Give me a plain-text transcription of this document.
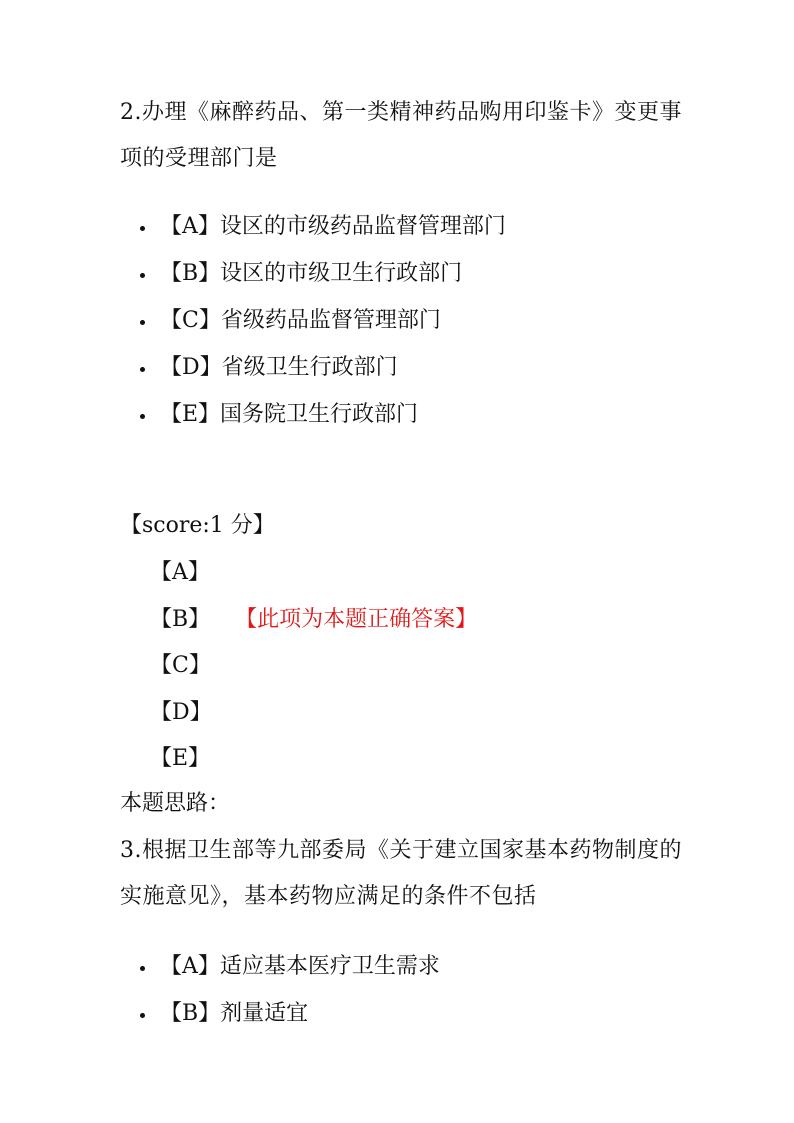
2.办理《麻醉药品、第一类精神药品购用印鉴卡》变更事项的受理部门是
【A】设区的市级药品监督管理部门
【B】设区的市级卫生行政部门
【C】省级药品监督管理部门
【D】省级卫生行政部门
【E】国务院卫生行政部门
【score:1 分】
【A】
【B】 【此项为本题正确答案】
【C】
【D】
【E】
本题思路：
3.根据卫生部等九部委局《关于建立国家基本药物制度的实施意见》，基本药物应满足的条件不包括
【A】适应基本医疗卫生需求
【B】剂量适宜
